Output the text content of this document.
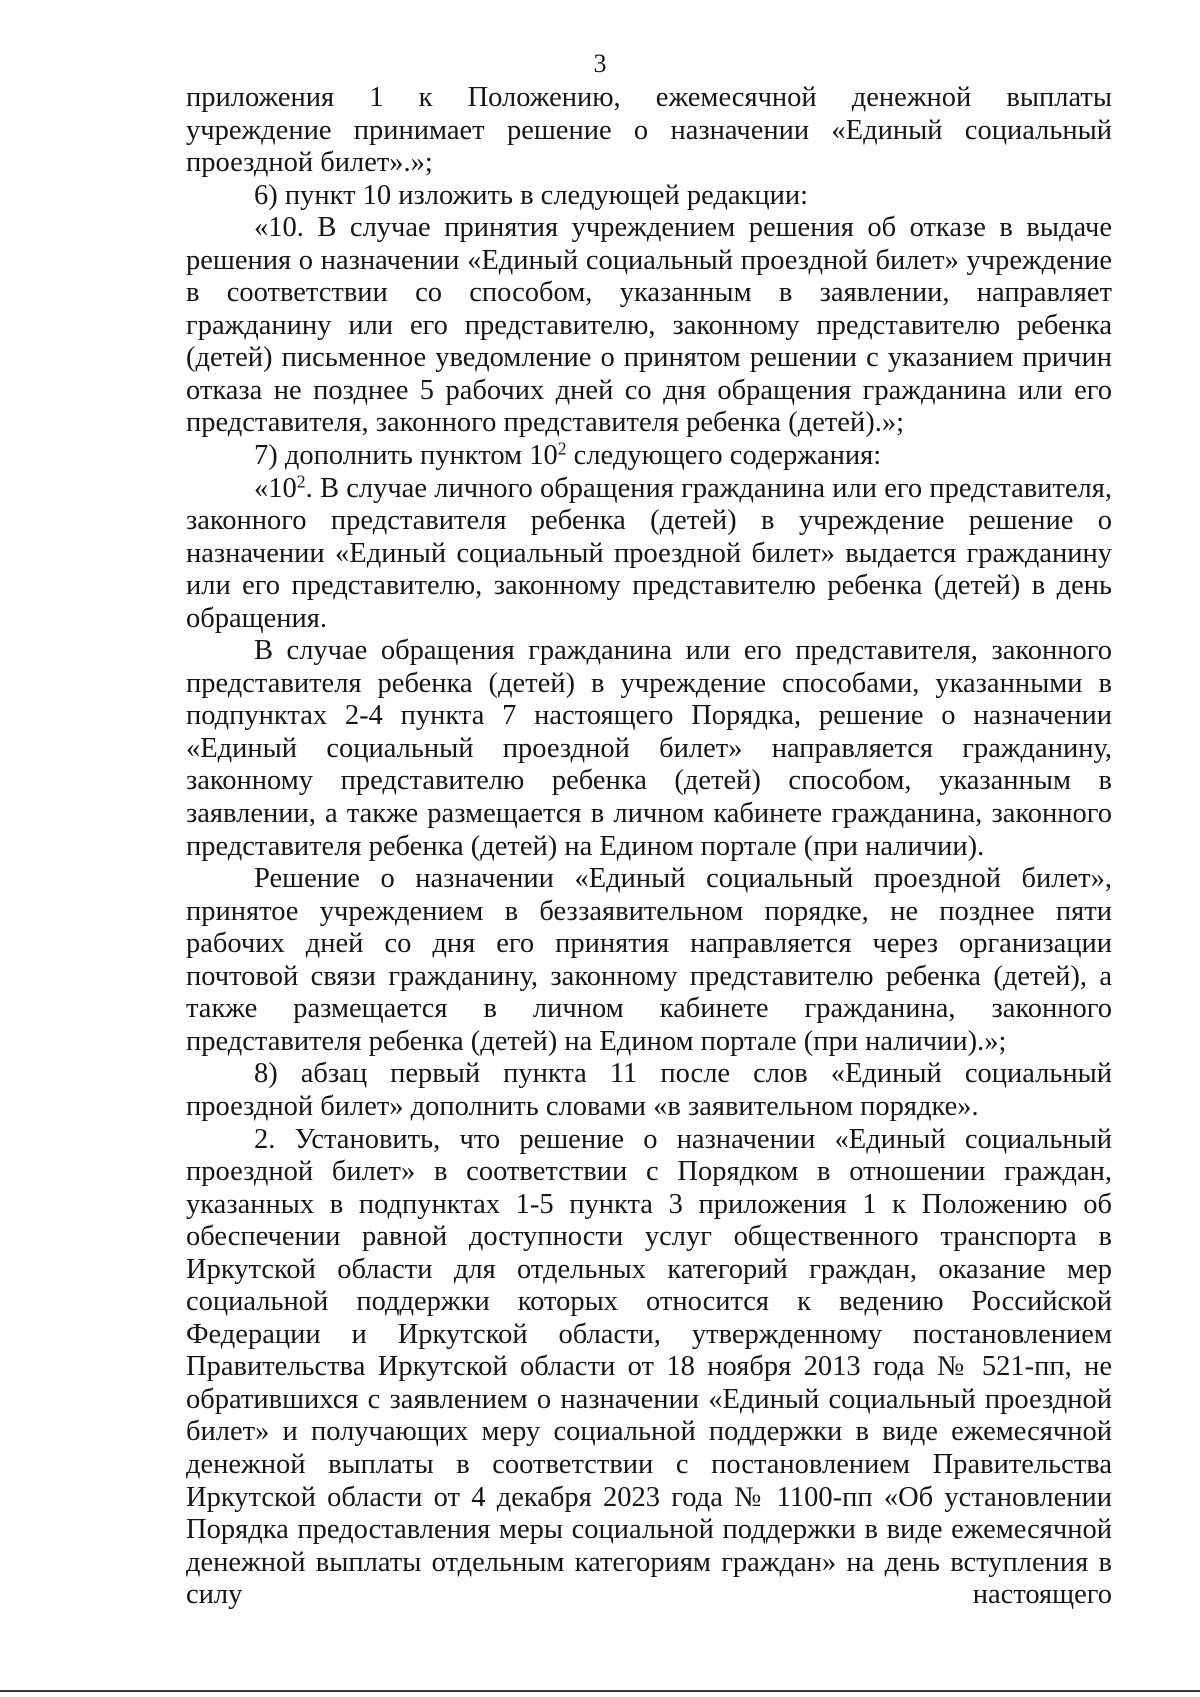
3

приложения 1 к Положению, ежемесячной денежной выплаты

учреждение принимает решение о назначении «Единый социальный проездной билет».»;

6) пункт 10 изложить в следующей редакции:

«10. В случае принятия учреждением решения об отказе в выдаче решения о назначении «Единый социальный проездной билет» учреждение в соответствии со способом, указанным в заявлении, направляет гражданину или его представителю, законному представителю ребенка (детей) письменное уведомление о принятом решении с указанием причин отказа не позднее 5 рабочих дней со дня обращения гражданина или его представителя, законного представителя ребенка (детей).»;

7) дополнить пунктом $10^2$ следующего содержания:

«$10^2$. В случае личного обращения гражданина или его представителя, законного представителя ребенка (детей) в учреждение решение о назначении «Единый социальный проездной билет» выдается гражданину или его представителю, законному представителю ребенка (детей) в день обращения.

В случае обращения гражданина или его представителя, законного представителя ребенка (детей) в учреждение способами, указанными в подпунктах 2-4 пункта 7 настоящего Порядка, решение о назначении «Единый социальный проездной билет» направляется гражданину, законному представителю ребенка (детей) способом, указанным в заявлении, а также размещается в личном кабинете гражданина, законного представителя ребенка (детей) на Едином портале (при наличии).

Решение о назначении «Единый социальный проездной билет», принятое учреждением в беззаявительном порядке, не позднее пяти рабочих дней со дня его принятия направляется через организации почтовой связи гражданину, законному представителю ребенка (детей), а также размещается в личном кабинете гражданина, законного представителя ребенка (детей) на Едином портале (при наличии).»;

8) абзац первый пункта 11 после слов «Единый социальный проездной билет» дополнить словами «в заявительном порядке».

2. Установить, что решение о назначении «Единый социальный проездной билет» в соответствии с Порядком в отношении граждан, указанных в подпунктах 1-5 пункта 3 приложения 1 к Положению об обеспечении равной доступности услуг общественного транспорта в Иркутской области для отдельных категорий граждан, оказание мер социальной поддержки которых относится к ведению Российской Федерации и Иркутской области, утвержденному постановлением Правительства Иркутской области от 18 ноября 2013 года № 521-пп, не обратившихся с заявлением о назначении «Единый социальный проездной билет» и получающих меру социальной поддержки в виде ежемесячной денежной выплаты в соответствии с постановлением Правительства Иркутской области от 4 декабря 2023 года № 1100-пп «Об установлении Порядка предоставления меры социальной поддержки в виде ежемесячной денежной выплаты отдельным категориям граждан» на день вступления в силу настоящего
